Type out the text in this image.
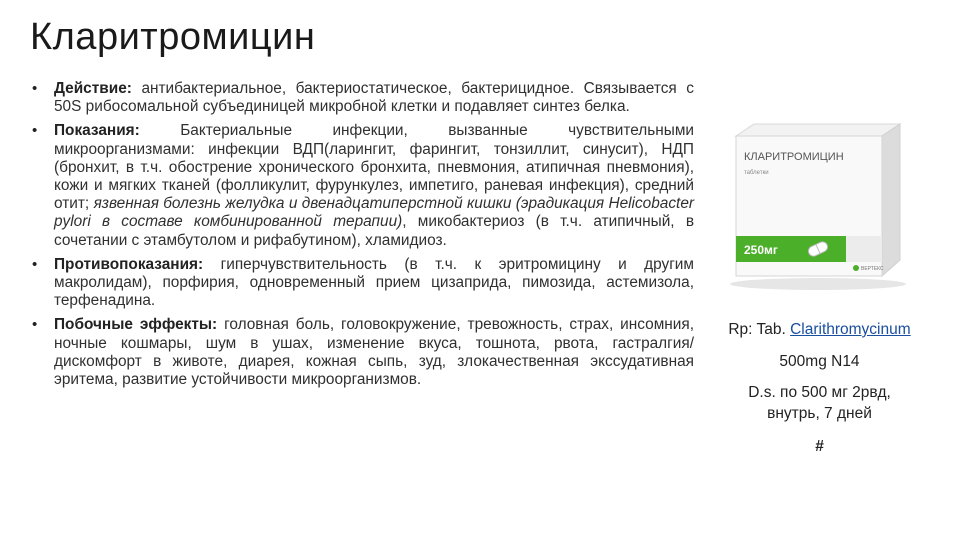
Кларитромицин
• Действие: антибактериальное, бактериостатическое, бактерицидное. Связывается с 50S рибосомальной субъединицей микробной клетки и подавляет синтез белка.
• Показания: Бактериальные инфекции, вызванные чувствительными микроорганизмами: инфекции ВДП(ларингит, фарингит, тонзиллит, синусит), НДП (бронхит, в т.ч. обострение хронического бронхита, пневмония, атипичная пневмония), кожи и мягких тканей (фолликулит, фурункулез, импетиго, раневая инфекция), средний отит; язвенная болезнь желудка и двенадцатиперстной кишки (эрадикация Helicobacter pylori в составе комбинированной терапии), микобактериоз (в т.ч. атипичный, в сочетании с этамбутолом и рифабутином), хламидиоз.
• Противопоказания: гиперчувствительность (в т.ч. к эритромицину и другим макролидам), порфирия, одновременный прием цизаприда, пимозида, астемизола, терфенадина.
• Побочные эффекты: головная боль, головокружение, тревожность, страх, инсомния, ночные кошмары, шум в ушах, изменение вкуса, тошнота, рвота, гастралгия/дискомфорт в животе, диарея, кожная сыпь, зуд, злокачественная экссудативная эритема, развитие устойчивости микроорганизмов.
КЛАРИТРОМИЦИН
таблетки
250мг
ВЕРТЕКС
Rp: Tab. Clarithromycinum
500mg N14
D.s. по 500 мг 2рвд,
внутрь, 7 дней
#
